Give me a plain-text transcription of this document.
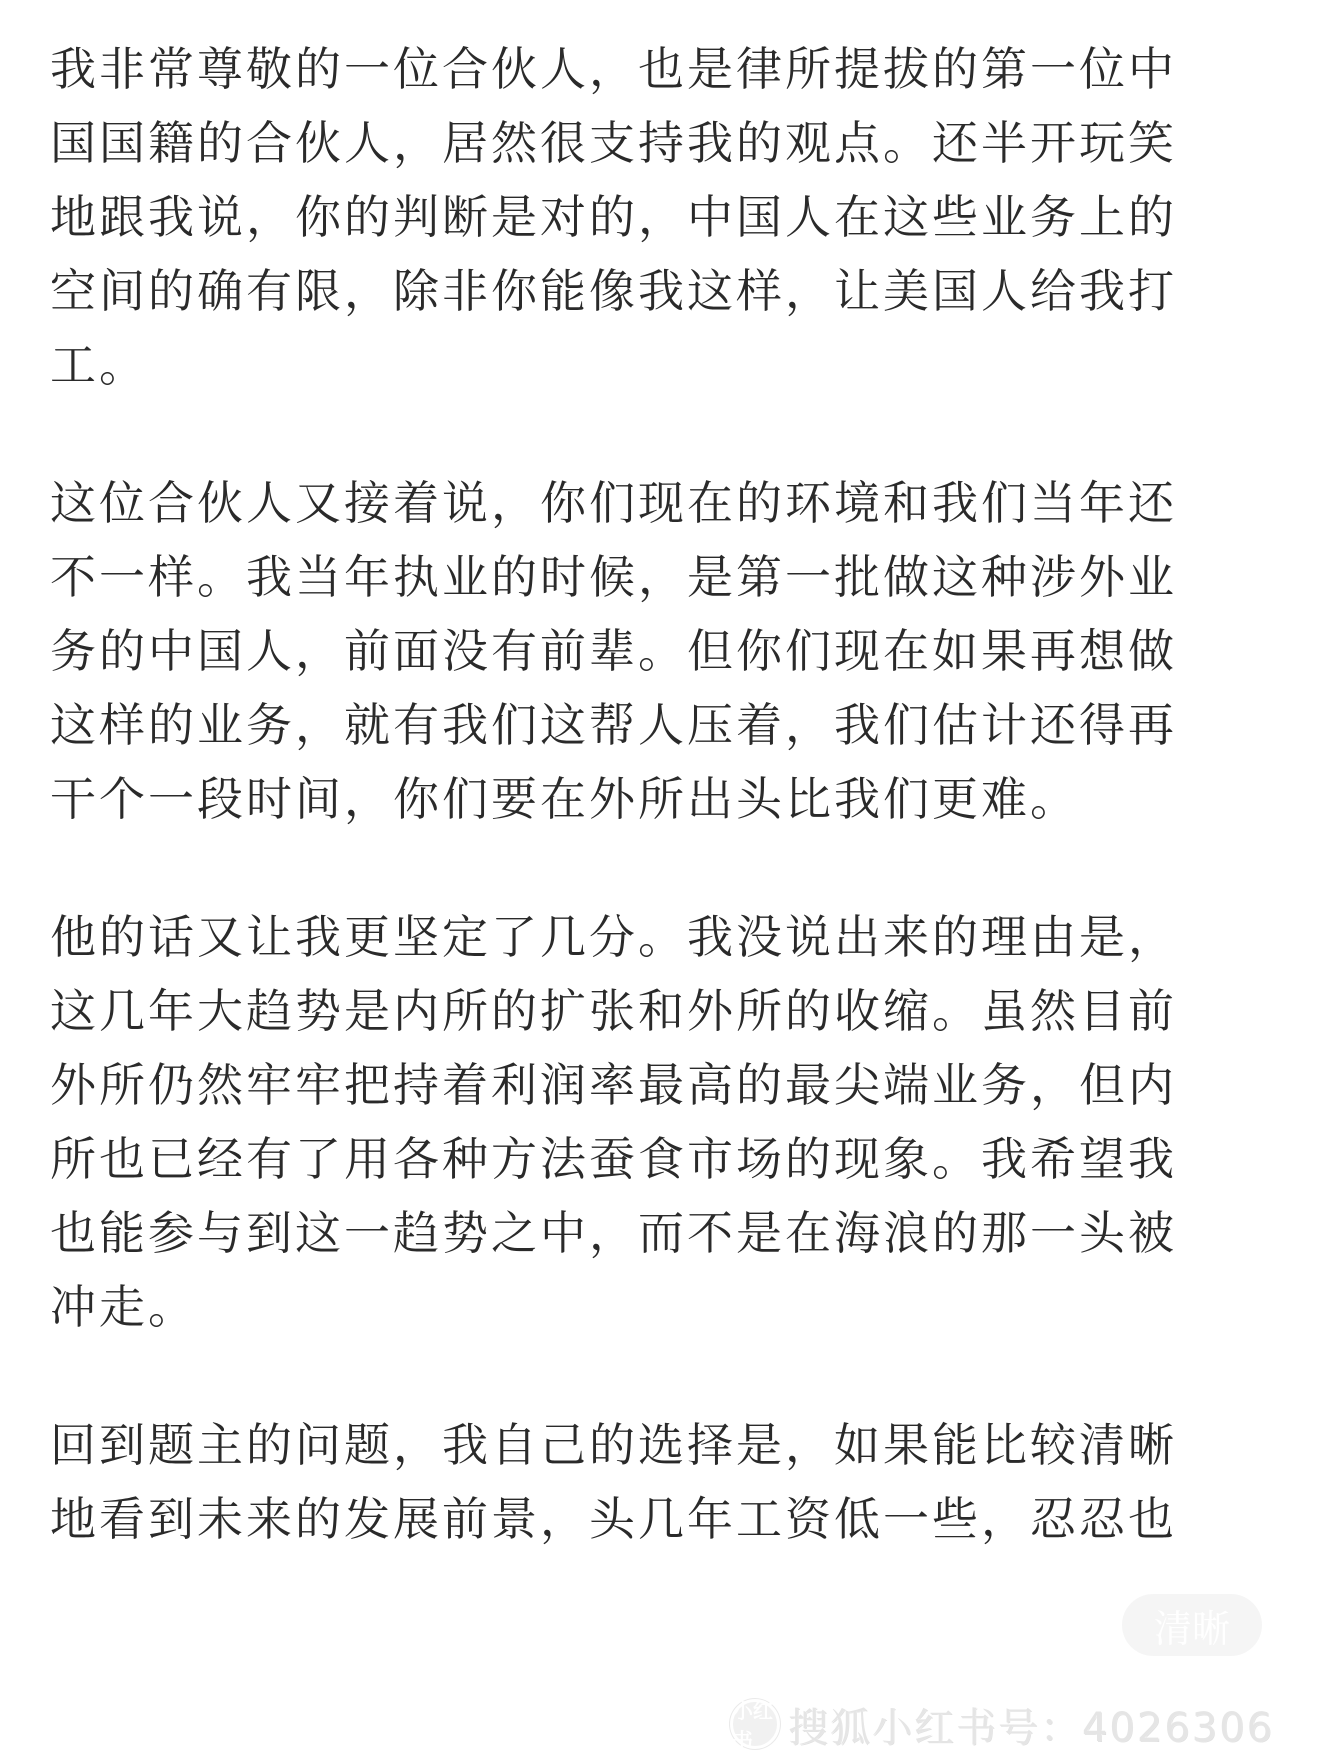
我非常尊敬的一位合伙人，也是律所提拔的第一位中
国国籍的合伙人，居然很支持我的观点。还半开玩笑
地跟我说，你的判断是对的，中国人在这些业务上的
空间的确有限，除非你能像我这样，让美国人给我打
工。
这位合伙人又接着说，你们现在的环境和我们当年还
不一样。我当年执业的时候，是第一批做这种涉外业
务的中国人，前面没有前辈。但你们现在如果再想做
这样的业务，就有我们这帮人压着，我们估计还得再
干个一段时间，你们要在外所出头比我们更难。
他的话又让我更坚定了几分。我没说出来的理由是，
这几年大趋势是内所的扩张和外所的收缩。虽然目前
外所仍然牢牢把持着利润率最高的最尖端业务，但内
所也已经有了用各种方法蚕食市场的现象。我希望我
也能参与到这一趋势之中，而不是在海浪的那一头被
冲走。
回到题主的问题，我自己的选择是，如果能比较清晰
地看到未来的发展前景，头几年工资低一些，忍忍也
清晰
小红书 搜狐小红书号：4026306
